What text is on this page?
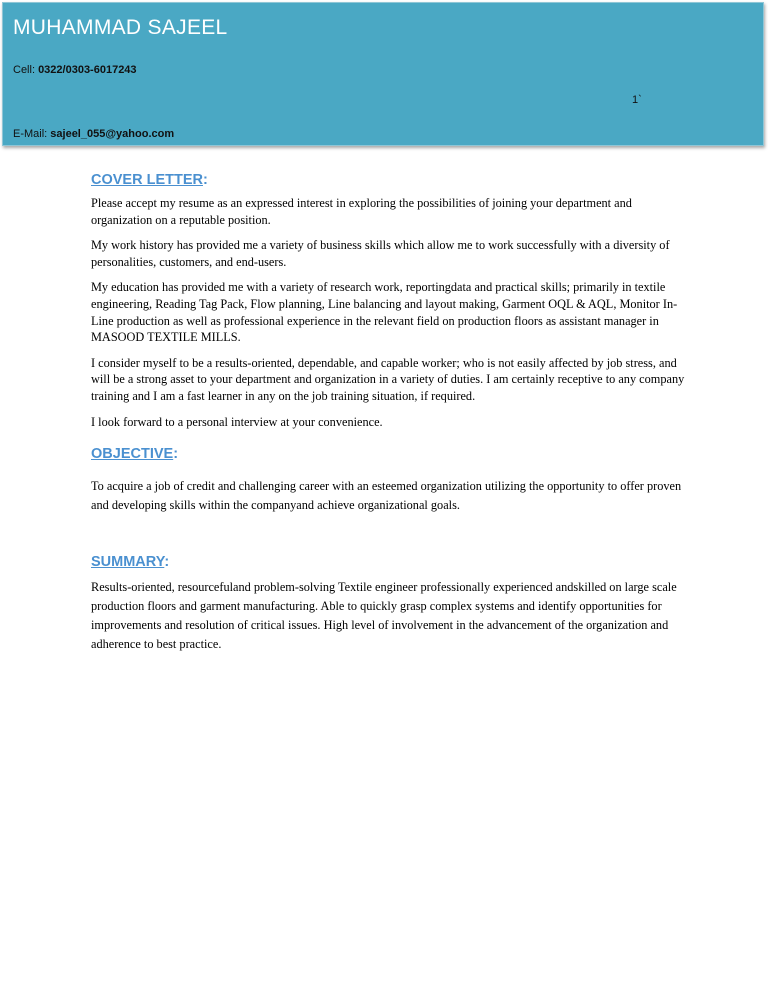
MUHAMMAD SAJEEL
Cell: 0322/0303-6017243
1`
E-Mail: sajeel_055@yahoo.com
COVER LETTER:

Please accept my resume as an expressed interest in exploring the possibilities of joining your department and organization on a reputable position.

My work history has provided me a variety of business skills which allow me to work successfully with a diversity of personalities, customers, and end-users.

My education has provided me with a variety of research work, reportingdata and practical skills; primarily in textile engineering, Reading Tag Pack, Flow planning, Line balancing and layout making, Garment OQL & AQL, Monitor In-Line production as well as professional experience in the relevant field on production floors as assistant manager in MASOOD TEXTILE MILLS.

I consider myself to be a results-oriented, dependable, and capable worker; who is not easily affected by job stress, and will be a strong asset to your department and organization in a variety of duties. I am certainly receptive to any company training and I am a fast learner in any on the job training situation, if required.

I look forward to a personal interview at your convenience.

OBJECTIVE:

To acquire a job of credit and challenging career with an esteemed organization utilizing the opportunity to offer proven and developing skills within the companyand achieve organizational goals.

SUMMARY:

Results-oriented, resourcefuland problem-solving Textile engineer professionally experienced andskilled on large scale production floors and garment manufacturing. Able to quickly grasp complex systems and identify opportunities for improvements and resolution of critical issues. High level of involvement in the advancement of the organization and adherence to best practice.
